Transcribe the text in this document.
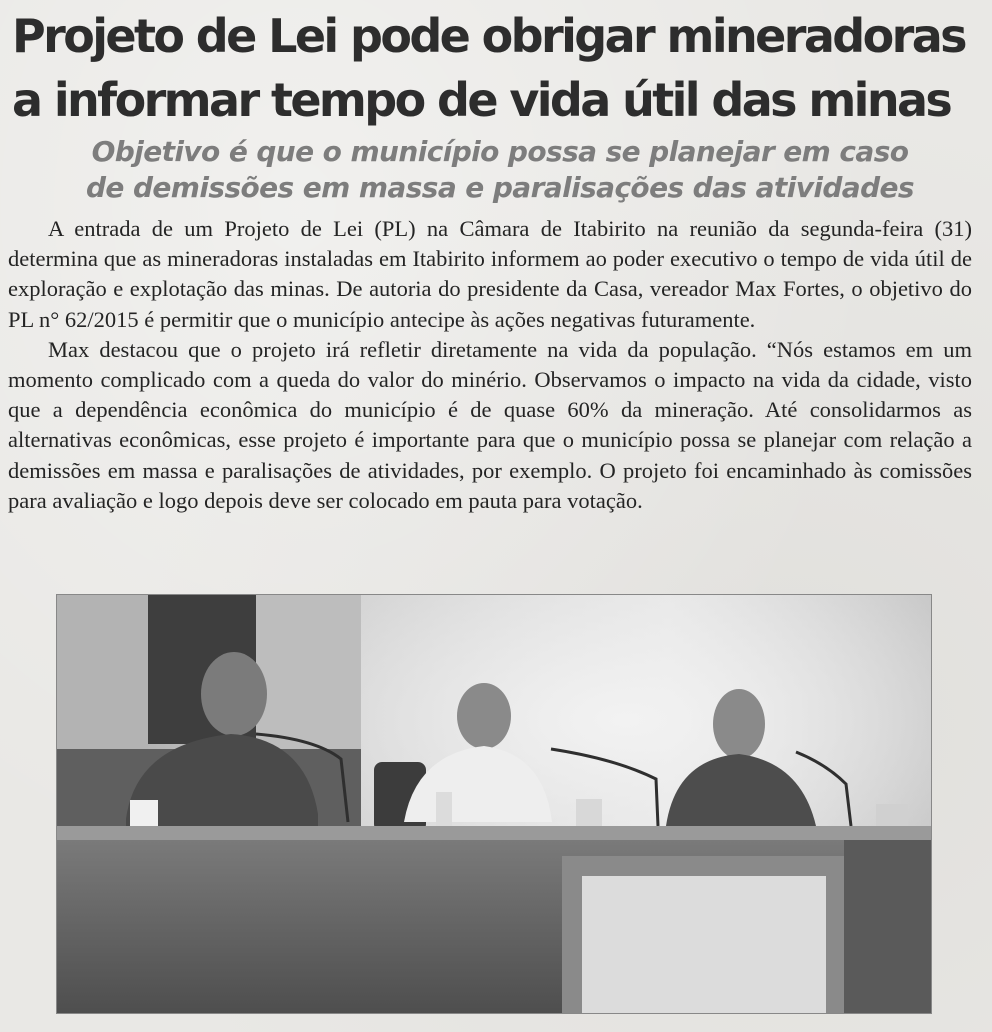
Projeto de Lei pode obrigar mineradoras
a informar tempo de vida útil das minas
Objetivo é que o município possa se planejar em caso
de demissões em massa e paralisações das atividades

A entrada de um Projeto de Lei (PL) na Câmara de Itabirito na reunião da segunda-feira (31) determina que as mineradoras instaladas em Itabirito informem ao poder executivo o tempo de vida útil de exploração e explotação das minas. De autoria do presidente da Casa, vereador Max Fortes, o objetivo do PL n° 62/2015 é permitir que o município antecipe às ações negativas futuramente.

Max destacou que o projeto irá refletir diretamente na vida da população. “Nós estamos em um momento complicado com a queda do valor do minério. Observamos o impacto na vida da cidade, visto que a dependência econômica do município é de quase 60% da mineração. Até consolidarmos as alternativas econômicas, esse projeto é importante para que o município possa se planejar com relação a demissões em massa e paralisações de atividades, por exemplo. O projeto foi encaminhado às comissões para avaliação e logo depois deve ser colocado em pauta para votação.
